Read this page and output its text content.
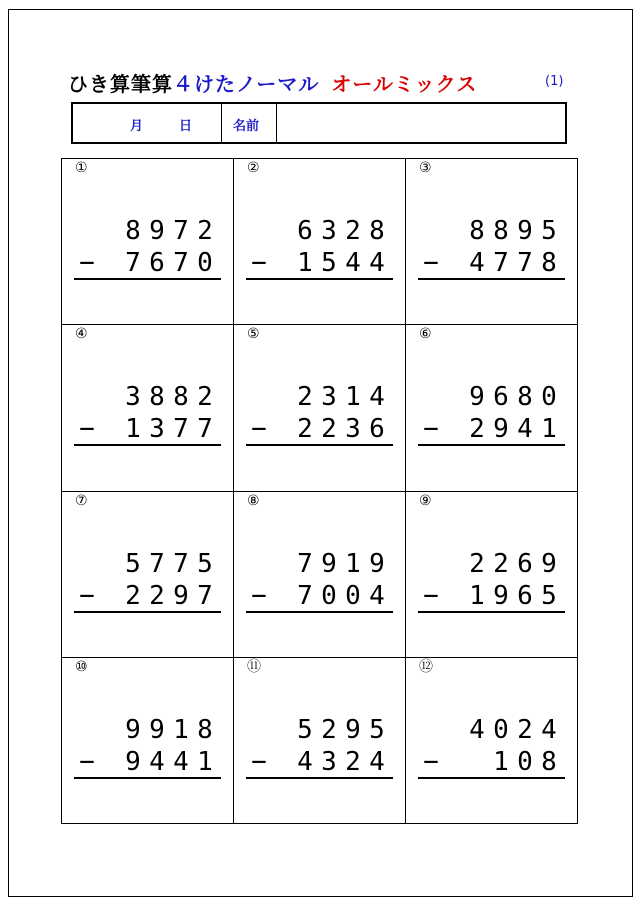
ひき算筆算４けたノーマル オールミックス	(1)
月	日	名前
①
8 9 7 2
− 7 6 7 0
②
6 3 2 8
− 1 5 4 4
③
8 8 9 5
− 4 7 7 8
④
3 8 8 2
− 1 3 7 7
⑤
2 3 1 4
− 2 2 3 6
⑥
9 6 8 0
− 2 9 4 1
⑦
5 7 7 5
− 2 2 9 7
⑧
7 9 1 9
− 7 0 0 4
⑨
2 2 6 9
− 1 9 6 5
⑩
9 9 1 8
− 9 4 4 1
⑪
5 2 9 5
− 4 3 2 4
⑫
4 0 2 4
− 1 0 8
